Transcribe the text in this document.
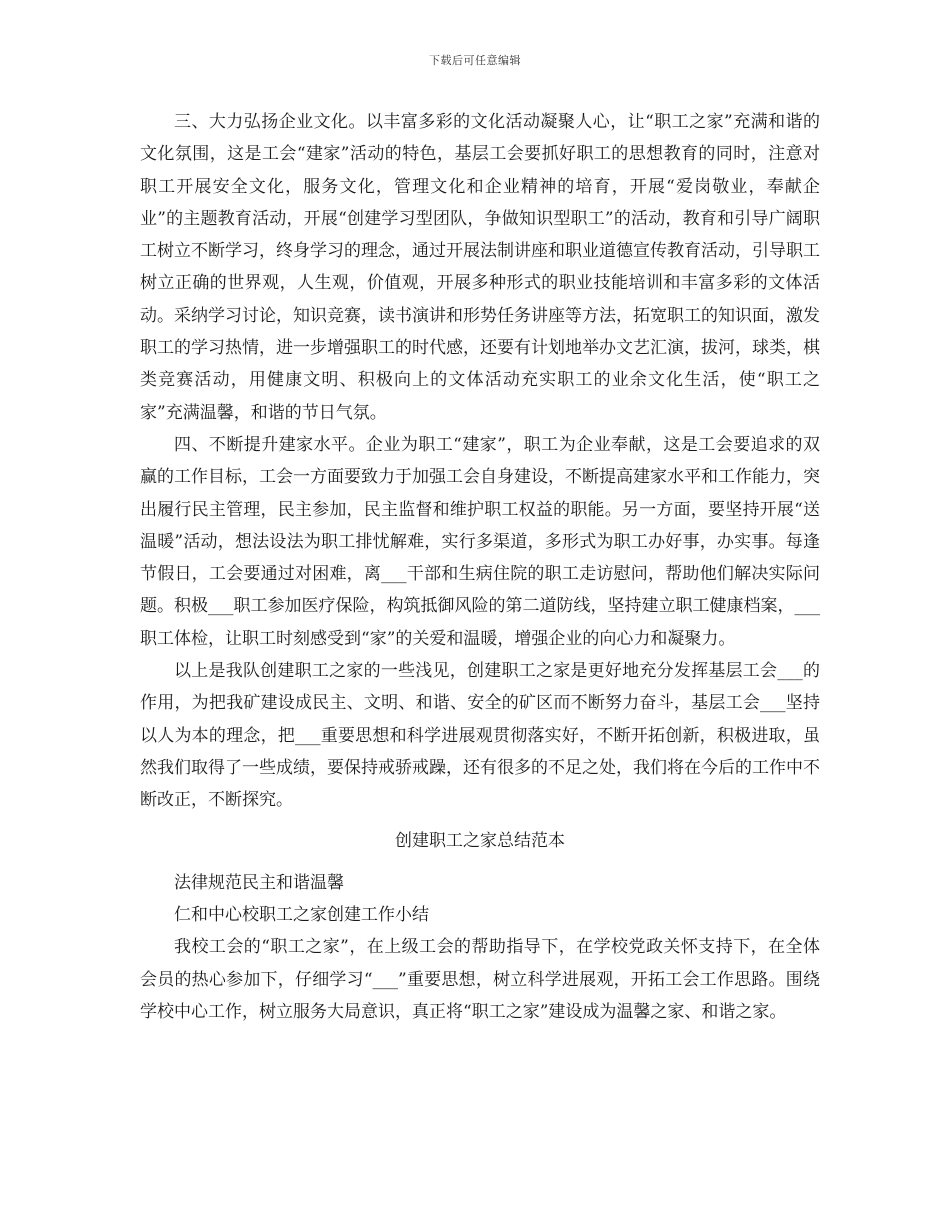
下载后可任意编辑

三、大力弘扬企业文化。以丰富多彩的文化活动凝聚人心，让“职工之家”充满和谐的文化氛围，这是工会“建家”活动的特色，基层工会要抓好职工的思想教育的同时，注意对职工开展安全文化，服务文化，管理文化和企业精神的培育，开展“爱岗敬业，奉献企业”的主题教育活动，开展“创建学习型团队，争做知识型职工”的活动，教育和引导广阔职工树立不断学习，终身学习的理念，通过开展法制讲座和职业道德宣传教育活动，引导职工树立正确的世界观，人生观，价值观，开展多种形式的职业技能培训和丰富多彩的文体活动。采纳学习讨论，知识竞赛，读书演讲和形势任务讲座等方法，拓宽职工的知识面，激发职工的学习热情，进一步增强职工的时代感，还要有计划地举办文艺汇演，拔河，球类，棋类竞赛活动，用健康文明、积极向上的文体活动充实职工的业余文化生活，使“职工之家”充满温馨，和谐的节日气氛。

四、不断提升建家水平。企业为职工“建家”，职工为企业奉献，这是工会要追求的双赢的工作目标，工会一方面要致力于加强工会自身建设，不断提高建家水平和工作能力，突出履行民主管理，民主参加，民主监督和维护职工权益的职能。另一方面，要坚持开展“送温暖”活动，想法设法为职工排忧解难，实行多渠道，多形式为职工办好事，办实事。每逢节假日，工会要通过对困难，离___干部和生病住院的职工走访慰问，帮助他们解决实际问题。积极___职工参加医疗保险，构筑抵御风险的第二道防线，坚持建立职工健康档案，___职工体检，让职工时刻感受到“家”的关爱和温暖，增强企业的向心力和凝聚力。

以上是我队创建职工之家的一些浅见，创建职工之家是更好地充分发挥基层工会___的作用，为把我矿建设成民主、文明、和谐、安全的矿区而不断努力奋斗，基层工会___坚持以人为本的理念，把___重要思想和科学进展观贯彻落实好，不断开拓创新，积极进取，虽然我们取得了一些成绩，要保持戒骄戒躁，还有很多的不足之处，我们将在今后的工作中不断改正，不断探究。

创建职工之家总结范本

法律规范民主和谐温馨

仁和中心校职工之家创建工作小结

我校工会的“职工之家”，在上级工会的帮助指导下，在学校党政关怀支持下，在全体会员的热心参加下，仔细学习“___”重要思想，树立科学进展观，开拓工会工作思路。围绕学校中心工作，树立服务大局意识，真正将“职工之家”建设成为温馨之家、和谐之家。
